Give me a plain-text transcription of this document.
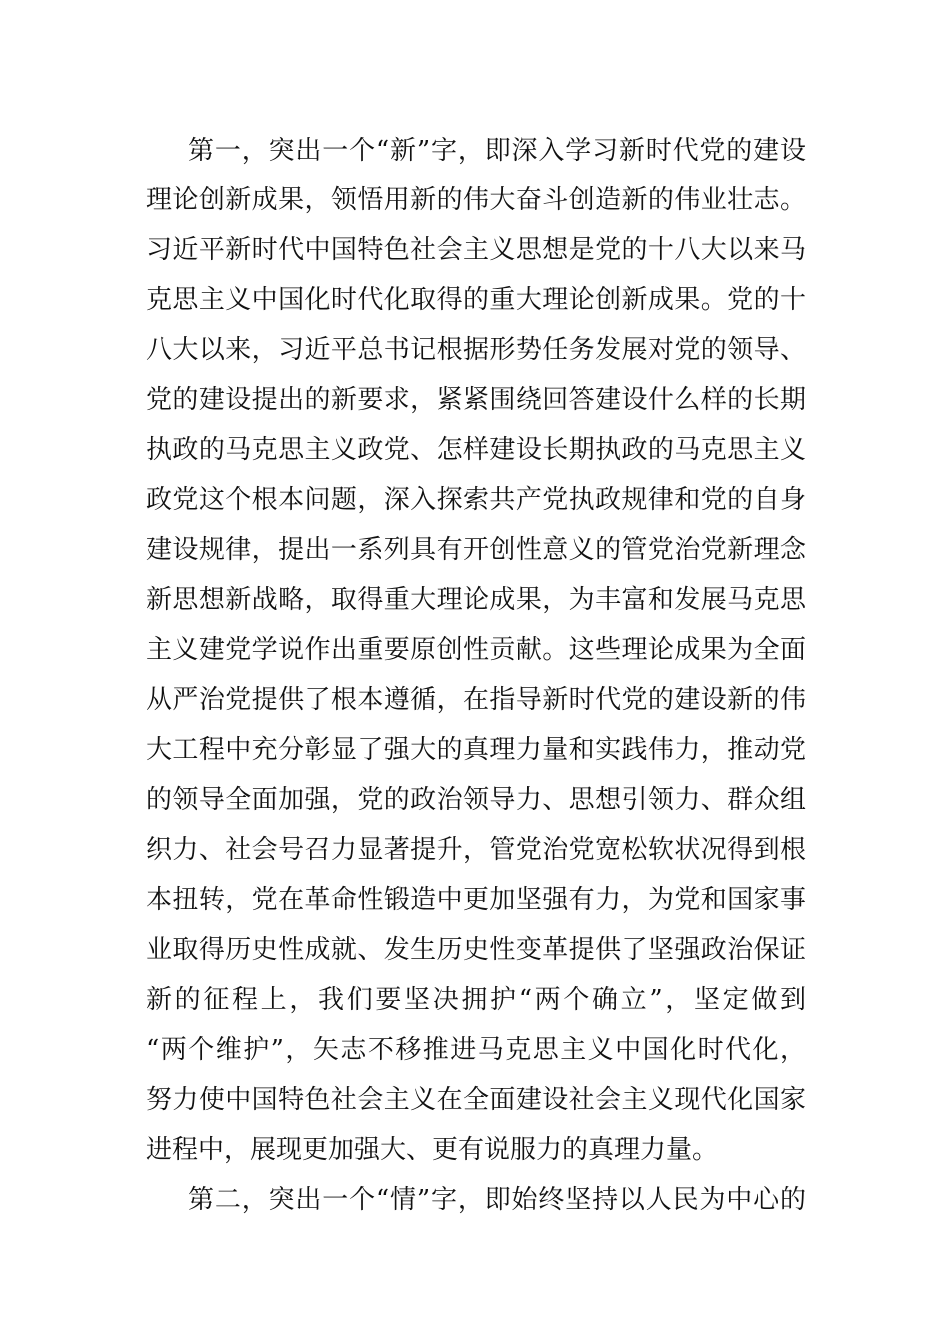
第一，突出一个“新”字，即深入学习新时代党的建设
理论创新成果，领悟用新的伟大奋斗创造新的伟业壮志。
习近平新时代中国特色社会主义思想是党的十八大以来马
克思主义中国化时代化取得的重大理论创新成果。党的十
八大以来，习近平总书记根据形势任务发展对党的领导、
党的建设提出的新要求，紧紧围绕回答建设什么样的长期
执政的马克思主义政党、怎样建设长期执政的马克思主义
政党这个根本问题，深入探索共产党执政规律和党的自身
建设规律，提出一系列具有开创性意义的管党治党新理念
新思想新战略，取得重大理论成果，为丰富和发展马克思
主义建党学说作出重要原创性贡献。这些理论成果为全面
从严治党提供了根本遵循，在指导新时代党的建设新的伟
大工程中充分彰显了强大的真理力量和实践伟力，推动党
的领导全面加强，党的政治领导力、思想引领力、群众组
织力、社会号召力显著提升，管党治党宽松软状况得到根
本扭转，党在革命性锻造中更加坚强有力，为党和国家事
业取得历史性成就、发生历史性变革提供了坚强政治保证
新的征程上，我们要坚决拥护“两个确立”，坚定做到
“两个维护”，矢志不移推进马克思主义中国化时代化，
努力使中国特色社会主义在全面建设社会主义现代化国家
进程中，展现更加强大、更有说服力的真理力量。
第二，突出一个“情”字，即始终坚持以人民为中心的
